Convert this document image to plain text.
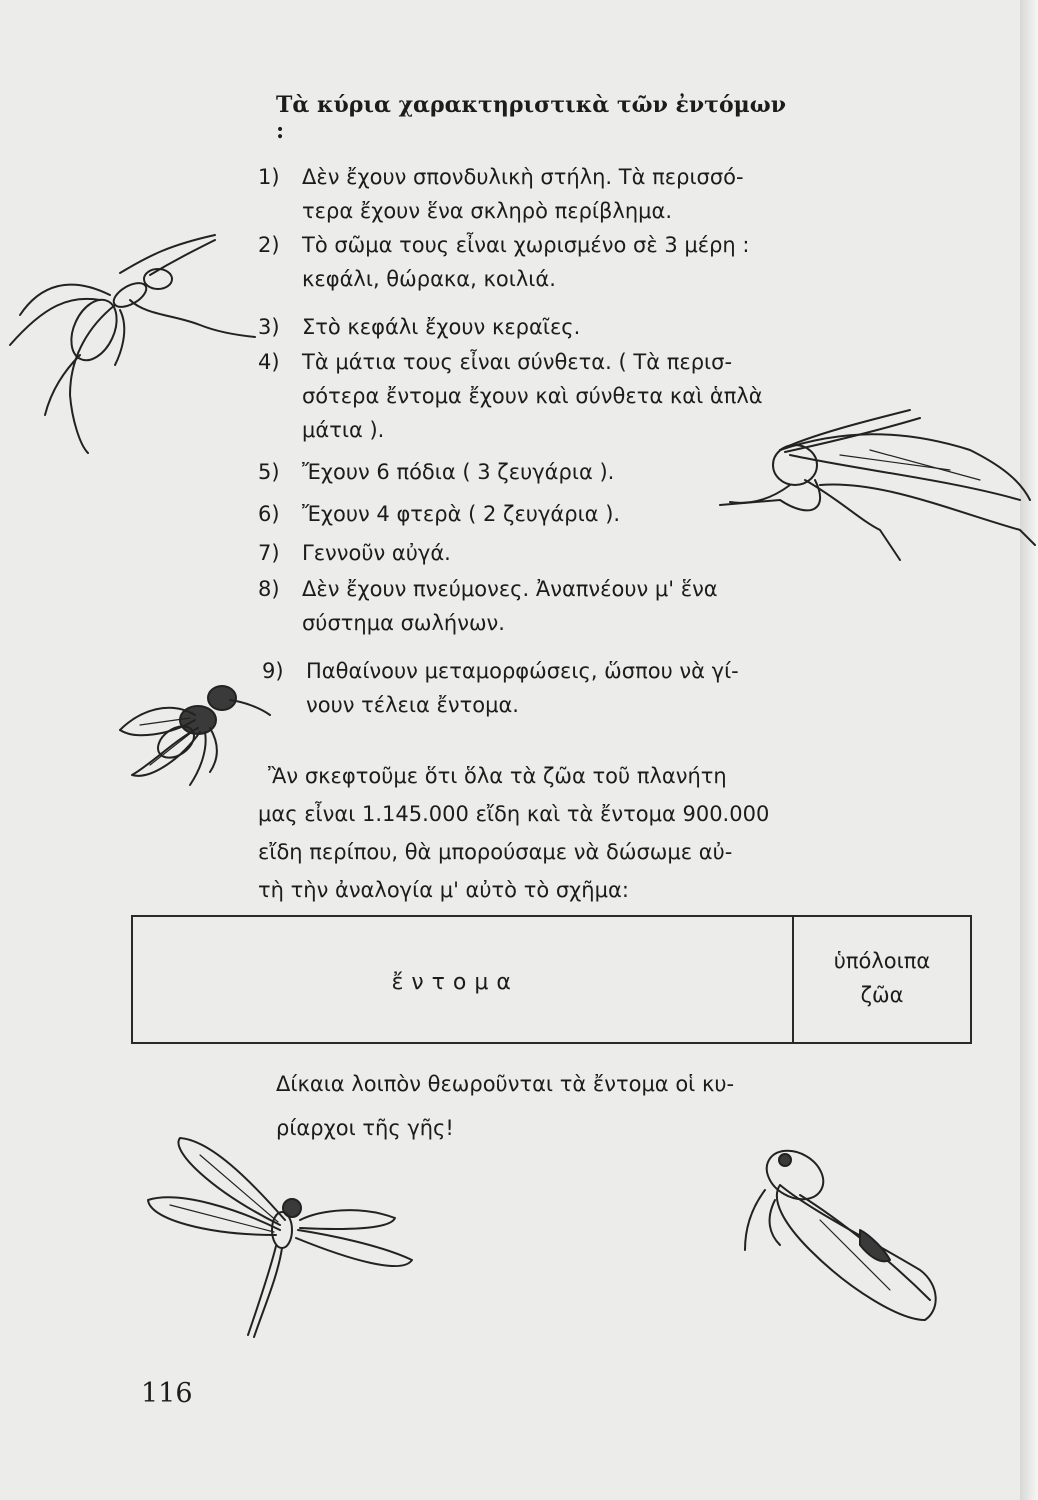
Τὰ κύρια χαρακτηριστικὰ τῶν ἐντόμων :
1)	Δὲν ἔχουν σπονδυλικὴ στήλη. Τὰ περισσό-
τερα ἔχουν ἕνα σκληρὸ περίβλημα.
2)	Τὸ σῶμα τους εἶναι χωρισμένο σὲ 3 μέρη :
κεφάλι, θώρακα, κοιλιά.
3)	Στὸ κεφάλι ἔχουν κεραῖες.
4)	Τὰ μάτια τους εἶναι σύνθετα. ( Τὰ περισ-
σότερα ἔντομα ἔχουν καὶ σύνθετα καὶ ἁπλὰ
μάτια ).
5)	Ἔχουν 6 πόδια ( 3 ζευγάρια ).
6)	Ἔχουν 4 φτερὰ ( 2 ζευγάρια ).
7)	Γεννοῦν αὐγά.
8)	Δὲν ἔχουν πνεύμονες. Ἀναπνέουν μ' ἕνα
σύστημα σωλήνων.
9)	Παθαίνουν μεταμορφώσεις, ὥσπου νὰ γί-
νουν τέλεια ἔντομα.
Ἂν σκεφτοῦμε ὅτι ὅλα τὰ ζῶα τοῦ πλανήτη
μας εἶναι 1.145.000 εἴδη καὶ τὰ ἔντομα 900.000
εἴδη περίπου, θὰ μπορούσαμε νὰ δώσωμε αὐ-
τὴ τὴν ἀναλογία μ' αὐτὸ τὸ σχῆμα:
ἔντομα
ὑπόλοιπα
ζῶα
Δίκαια λοιπὸν θεωροῦνται τὰ ἔντομα οἱ κυ-
ρίαρχοι τῆς γῆς!
116
